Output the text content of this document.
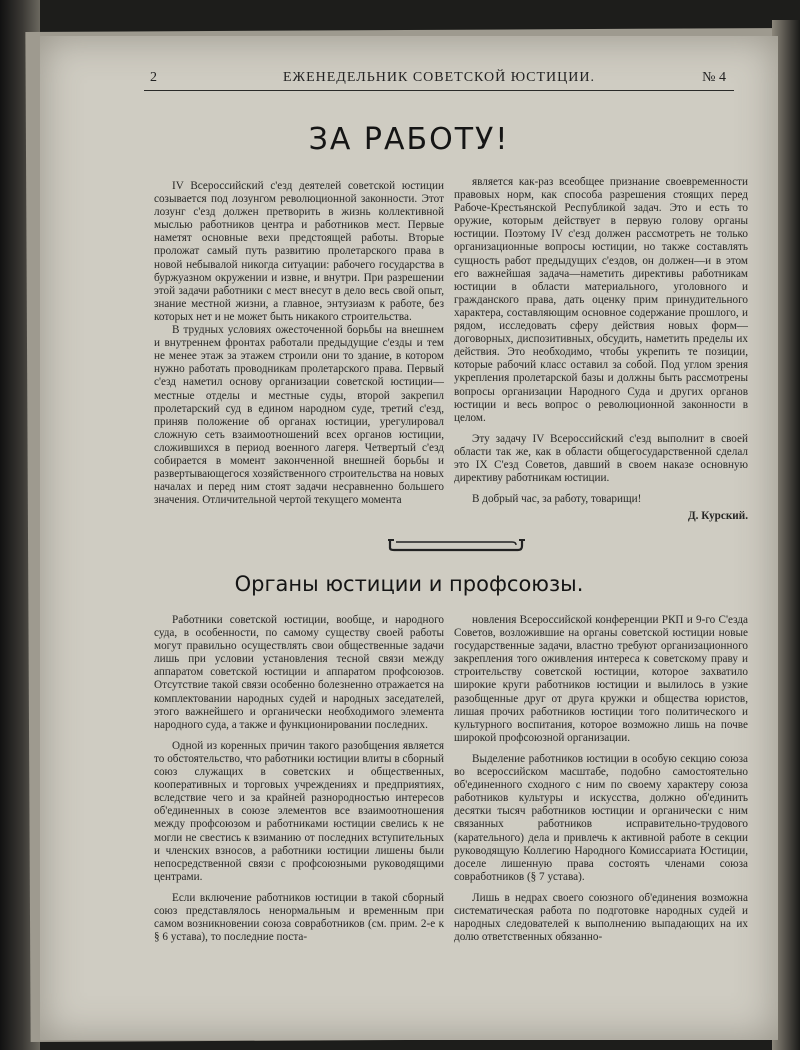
2	ЕЖЕНЕДЕЛЬНИК СОВЕТСКОЙ ЮСТИЦИИ.	№ 4
ЗА РАБОТУ!

IV Всероссийский с'езд деятелей советской юстиции созывается под лозунгом революционной законности. Этот лозунг с'езд должен претворить в жизнь коллективной мыслью работников центра и работников мест. Первые наметят основные вехи предстоящей работы. Вторые проложат самый путь развитию пролетарского права в новой небывалой никогда ситуации: рабочего государства в буржуазном окружении и извне, и внутри. При разрешении этой задачи работники с мест внесут в дело весь свой опыт, знание местной жизни, а главное, энтузиазм к работе, без которых нет и не может быть никакого строительства.

В трудных условиях ожесточенной борьбы на внешнем и внутреннем фронтах работали предыдущие с'езды и тем не менее этаж за этажем строили они то здание, в котором нужно работать проводникам пролетарского права. Первый с'езд наметил основу организации советской юстиции—местные отделы и местные суды, второй закрепил пролетарский суд в едином народном суде, третий с'езд, приняв положение об органах юстиции, урегулировал сложную сеть взаимоотношений всех органов юстиции, сложившихся в период военного лагеря. Четвертый с'езд собирается в момент законченной внешней борьбы и развертывающегося хозяйственного строительства на новых началах и перед ним стоят задачи несравненно большего значения. Отличительной чертой текущего момента

является как-раз всеобщее признание своевременности правовых норм, как способа разрешения стоящих перед Рабоче-Крестьянской Республикой задач. Это и есть то оружие, которым действует в первую голову органы юстиции. Поэтому IV с'езд должен рассмотреть не только организационные вопросы юстиции, но также составлять сущность работ предыдущих с'ездов, он должен—и в этом его важнейшая задача—наметить директивы работникам юстиции в области материального, уголовного и гражданского права, дать оценку прим принудительного характера, составляющим основное содержание прошлого, и рядом, исследовать сферу действия новых форм—договорных, диспозитивных, обсудить, наметить пределы их действия. Это необходимо, чтобы укрепить те позиции, которые рабочий класс оставил за собой. Под углом зрения укрепления пролетарской базы и должны быть рассмотрены вопросы организации Народного Суда и других органов юстиции и весь вопрос о революционной законности в целом.

Эту задачу IV Всероссийский с'езд выполнит в своей области так же, как в области общегосударственной сделал это IX С'езд Советов, давший в своем наказе основную директиву работникам юстиции.

В добрый час, за работу, товарищи!

Д. Курский.

Органы юстиции и профсоюзы.

Работники советской юстиции, вообще, и народного суда, в особенности, по самому существу своей работы могут правильно осуществлять свои общественные задачи лишь при условии установления тесной связи между аппаратом советской юстиции и аппаратом профсоюзов. Отсутствие такой связи особенно болезненно отражается на комплектовании народных судей и народных заседателей, этого важнейшего и органически необходимого элемента народного суда, а также и функционировании последних.

Одной из коренных причин такого разобщения является то обстоятельство, что работники юстиции влиты в сборный союз служащих в советских и общественных, кооперативных и торговых учреждениях и предприятиях, вследствие чего и за крайней разнородностью интересов об'единенных в союзе элементов все взаимоотношения между профсоюзом и работниками юстиции свелись к не могли не свестись к взиманию от последних вступительных и членских взносов, а работники юстиции лишены были непосредственной связи с профсоюзными руководящими центрами.

Если включение работников юстиции в такой сборный союз представлялось ненормальным и временным при самом возникновении союза совработников (см. прим. 2-е к § 6 устава), то последние поста-

новления Всероссийской конференции РКП и 9-го С'езда Советов, возложившие на органы советской юстиции новые государственные задачи, властно требуют организационного закрепления того оживления интереса к советскому праву и строительству советской юстиции, которое захватило широкие круги работников юстиции и вылилось в узкие разобщенные друг от друга кружки и общества юристов, лишая прочих работников юстиции того политического и культурного воспитания, которое возможно лишь на почве широкой профсоюзной организации.

Выделение работников юстиции в особую секцию союза во всероссийском масштабе, подобно самостоятельно об'единенного сходного с ним по своему характеру союза работников культуры и искусства, должно об'единить десятки тысяч работников юстиции и органически с ним связанных работников исправительно-трудового (карательного) дела и привлечь к активной работе в секции руководящую Коллегию Народного Комиссариата Юстиции, доселе лишенную права состоять членами союза совработников (§ 7 устава).

Лишь в недрах своего союзного об'единения возможна систематическая работа по подготовке народных судей и народных следователей к выполнению выпадающих на их долю ответственных обязанно-
